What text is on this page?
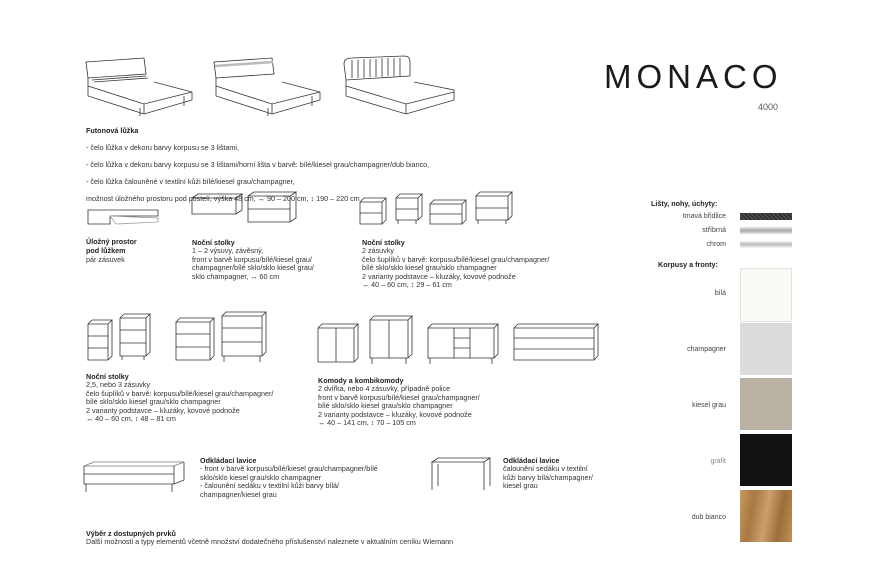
MONACO
4000
Futonová lůžka

- čelo lůžka v dekoru barvy korpusu se 3 lištami,

- čelo lůžka v dekoru barvy korpusu se 3 lištami/horní lišta v barvě: bílé/kiesel grau/champagner/dub bianco,

- čelo lůžka čalouněné v textilní kůži bílé/kiesel grau/champagner,

možnost úložného prostoru pod postelí, výška 48 cm, ↔ 90 – 200 cm, ↕ 190 – 220 cm

Úložný prostor
pod lůžkem
pár zásuvek
Noční stolky
1 – 2 výsuvy, závěsný,
front v barvě korpusu/bílé/kiesel grau/
champagner/bílé sklo/sklo kiesel grau/
sklo champagner, ↔ 60 cm
Noční stolky
2 zásuvky
čelo šuplíků v barvě: korpusu/bílé/kiesel grau/champagner/
bílé sklo/sklo kiesel grau/sklo champagner
2 varianty podstavce – kluzáky, kovové podnože
↔ 40 – 60 cm, ↕ 29 – 61 cm
Noční stolky
2,5, nebo 3 zásuvky
čelo šuplíků v barvě: korpusu/bílé/kiesel grau/champagner/
bílé sklo/sklo kiesel grau/sklo champagner
2 varianty podstavce – kluzáky, kovové podnože
↔ 40 – 60 cm, ↕ 48 – 81 cm
Komody a kombikomody
2 dvířka, nebo 4 zásuvky, případně police
front v barvě korpusu/bílé/kiesel grau/champagner/
bílé sklo/sklo kiesel grau/sklo champagner
2 varianty podstavce – kluzáky, kovové podnože
↔ 40 – 141 cm, ↕ 70 – 105 cm
Odkládací lavice
- front v barvě korpusu/bílé/kiesel grau/champagner/bílé
sklo/sklo kiesel grau/sklo champagner
- čalounění sedáku v textilní kůži barvy bílá/
champagner/kiesel grau
Odkládací lavice
čalounění sedáku v textilní
kůži barvy bílá/champagner/
kiesel grau
Výběr z dostupných prvků
Další možnosti a typy elementů včetně množství dodatečného příslušenství naleznete v aktuálním ceníku Wiemann
Lišty, nohy, úchyty:
tmavá břidlice
stříbrná
chrom
Korpusy a fronty:
bílá
champagner
kiesel grau
grafit
dub bianco
